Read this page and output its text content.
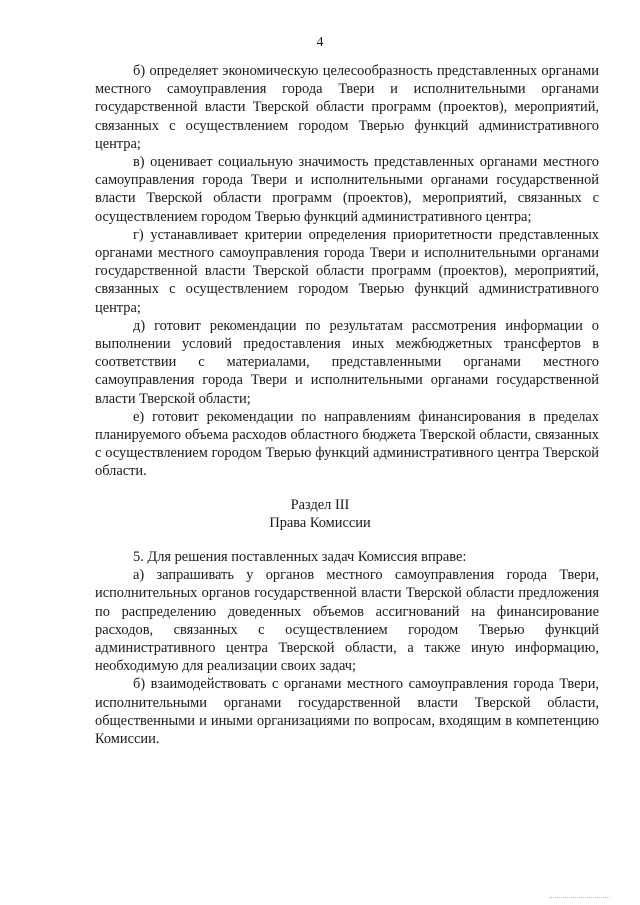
4

б) определяет экономическую целесообразность представленных органами местного самоуправления города Твери и исполнительными органами государственной власти Тверской области программ (проектов), мероприятий, связанных с осуществлением городом Тверью функций административного центра;

в) оценивает социальную значимость представленных органами местного самоуправления города Твери и исполнительными органами государственной власти Тверской области программ (проектов), мероприятий, связанных с осуществлением городом Тверью функций административного центра;

г) устанавливает критерии определения приоритетности представленных органами местного самоуправления города Твери и исполнительными органами государственной власти Тверской области программ (проектов), мероприятий, связанных с осуществлением городом Тверью функций административного центра;

д) готовит рекомендации по результатам рассмотрения информации о выполнении условий предоставления иных межбюджетных трансфертов в соответствии с материалами, представленными органами местного самоуправления города Твери и исполнительными органами государственной власти Тверской области;

е) готовит рекомендации по направлениям финансирования в пределах планируемого объема расходов областного бюджета Тверской области, связанных с осуществлением городом Тверью функций административного центра Тверской области.

Раздел III
Права Комиссии

5. Для решения поставленных задач Комиссия вправе:

а) запрашивать у органов местного самоуправления города Твери, исполнительных органов государственной власти Тверской области предложения по распределению доведенных объемов ассигнований на финансирование расходов, связанных с осуществлением городом Тверью функций административного центра Тверской области, а также иную информацию, необходимую для реализации своих задач;

б) взаимодействовать с органами местного самоуправления города Твери, исполнительными органами государственной власти Тверской области, общественными и иными организациями по вопросам, входящим в компетенцию Комиссии.
